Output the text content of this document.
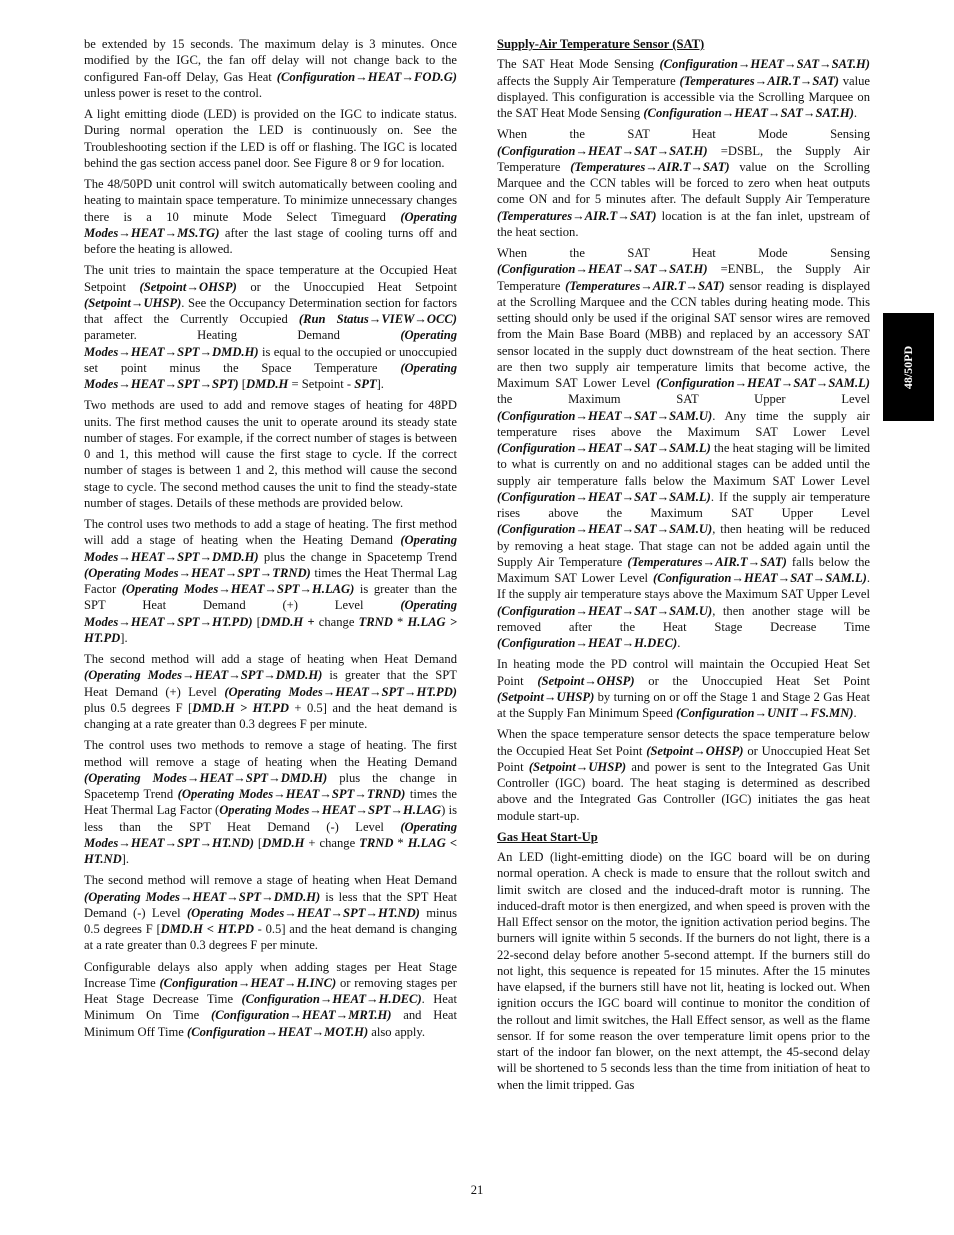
be extended by 15 seconds. The maximum delay is 3 minutes. Once modified by the IGC, the fan off delay will not change back to the configured Fan‑off Delay, Gas Heat (Configuration→HEAT→FOD.G) unless power is reset to the control.

A light emitting diode (LED) is provided on the IGC to indicate status. During normal operation the LED is continuously on. See the Troubleshooting section if the LED is off or flashing. The IGC is located behind the gas section access panel door. See Figure 8 or 9 for location.

The 48/50PD unit control will switch automatically between cooling and heating to maintain space temperature. To minimize unnecessary changes there is a 10 minute Mode Select Timeguard (Operating Modes→HEAT→MS.TG) after the last stage of cooling turns off and before the heating is allowed.

The unit tries to maintain the space temperature at the Occupied Heat Setpoint (Setpoint→OHSP) or the Unoccupied Heat Setpoint (Setpoint→UHSP). See the Occupancy Determination section for factors that affect the Currently Occupied (Run Status→VIEW→OCC) parameter. Heating Demand (Operating Modes→HEAT→SPT→DMD.H) is equal to the occupied or unoccupied set point minus the Space Temperature (Operating Modes→HEAT→SPT→SPT) [DMD.H = Setpoint ‑ SPT].

Two methods are used to add and remove stages of heating for 48PD units. The first method causes the unit to operate around its steady state number of stages. For example, if the correct number of stages is between 0 and 1, this method will cause the first stage to cycle. If the correct number of stages is between 1 and 2, this method will cause the second stage to cycle. The second method causes the unit to find the steady‑state number of stages. Details of these methods are provided below.

The control uses two methods to add a stage of heating. The first method will add a stage of heating when the Heating Demand (Operating Modes→HEAT→SPT→DMD.H) plus the change in Spacetemp Trend (Operating Modes→HEAT→SPT→TRND) times the Heat Thermal Lag Factor (Operating Modes→HEAT→SPT→H.LAG) is greater than the SPT Heat Demand (+) Level (Operating Modes→HEAT→SPT→HT.PD) [DMD.H + change TRND * H.LAG > HT.PD].

The second method will add a stage of heating when Heat Demand (Operating Modes→HEAT→SPT→DMD.H) is greater that the SPT Heat Demand (+) Level (Operating Modes→HEAT→SPT→HT.PD) plus 0.5 degrees F [DMD.H > HT.PD + 0.5] and the heat demand is changing at a rate greater than 0.3 degrees F per minute.

The control uses two methods to remove a stage of heating. The first method will remove a stage of heating when the Heating Demand (Operating Modes→HEAT→SPT→DMD.H) plus the change in Spacetemp Trend (Operating Modes→HEAT→SPT→TRND) times the Heat Thermal Lag Factor (Operating Modes→HEAT→SPT→H.LAG) is less than the SPT Heat Demand (‑) Level (Operating Modes→HEAT→SPT→HT.ND) [DMD.H + change TRND * H.LAG < HT.ND].

The second method will remove a stage of heating when Heat Demand (Operating Modes→HEAT→SPT→DMD.H) is less that the SPT Heat Demand (‑) Level (Operating Modes→HEAT→SPT→HT.ND) minus 0.5 degrees F [DMD.H < HT.PD ‑ 0.5] and the heat demand is changing at a rate greater than 0.3 degrees F per minute.

Configurable delays also apply when adding stages per Heat Stage Increase Time (Configuration→HEAT→H.INC) or removing stages per Heat Stage Decrease Time (Configuration→HEAT→H.DEC). Heat Minimum On Time (Configuration→HEAT→MRT.H) and Heat Minimum Off Time (Configuration→HEAT→MOT.H) also apply.

Supply‑Air Temperature Sensor (SAT)

The SAT Heat Mode Sensing (Configuration→HEAT→SAT→SAT.H) affects the Supply Air Temperature (Temperatures→AIR.T→SAT) value displayed. This configuration is accessible via the Scrolling Marquee on the SAT Heat Mode Sensing (Configuration→HEAT→SAT→SAT.H).

When the SAT Heat Mode Sensing (Configuration→HEAT→SAT→SAT.H) =DSBL, the Supply Air Temperature (Temperatures→AIR.T→SAT) value on the Scrolling Marquee and the CCN tables will be forced to zero when heat outputs come ON and for 5 minutes after. The default Supply Air Temperature (Temperatures→AIR.T→SAT) location is at the fan inlet, upstream of the heat section.

When the SAT Heat Mode Sensing (Configuration→HEAT→SAT→SAT.H) =ENBL, the Supply Air Temperature (Temperatures→AIR.T→SAT) sensor reading is displayed at the Scrolling Marquee and the CCN tables during heating mode. This setting should only be used if the original SAT sensor wires are removed from the Main Base Board (MBB) and replaced by an accessory SAT sensor located in the supply duct downstream of the heat section. There are then two supply air temperature limits that become active, the Maximum SAT Lower Level (Configuration→HEAT→SAT→SAM.L) the Maximum SAT Upper Level (Configuration→HEAT→SAT→SAM.U). Any time the supply air temperature rises above the Maximum SAT Lower Level (Configuration→HEAT→SAT→SAM.L) the heat staging will be limited to what is currently on and no additional stages can be added until the supply air temperature falls below the Maximum SAT Lower Level (Configuration→HEAT→SAT→SAM.L). If the supply air temperature rises above the Maximum SAT Upper Level (Configuration→HEAT→SAT→SAM.U), then heating will be reduced by removing a heat stage. That stage can not be added again until the Supply Air Temperature (Temperatures→AIR.T→SAT) falls below the Maximum SAT Lower Level (Configuration→HEAT→SAT→SAM.L). If the supply air temperature stays above the Maximum SAT Upper Level (Configuration→HEAT→SAT→SAM.U), then another stage will be removed after the Heat Stage Decrease Time (Configuration→HEAT→H.DEC).

In heating mode the PD control will maintain the Occupied Heat Set Point (Setpoint→OHSP) or the Unoccupied Heat Set Point (Setpoint→UHSP) by turning on or off the Stage 1 and Stage 2 Gas Heat at the Supply Fan Minimum Speed (Configuration→UNIT→FS.MN).

When the space temperature sensor detects the space temperature below the Occupied Heat Set Point (Setpoint→OHSP) or Unoccupied Heat Set Point (Setpoint→UHSP) and power is sent to the Integrated Gas Unit Controller (IGC) board. The heat staging is determined as described above and the Integrated Gas Controller (IGC) initiates the gas heat module start‑up.

Gas Heat Start‑Up

An LED (light‑emitting diode) on the IGC board will be on during normal operation. A check is made to ensure that the rollout switch and limit switch are closed and the induced‑draft motor is running. The induced‑draft motor is then energized, and when speed is proven with the Hall Effect sensor on the motor, the ignition activation period begins. The burners will ignite within 5 seconds. If the burners do not light, there is a 22‑second delay before another 5‑second attempt. If the burners still do not light, this sequence is repeated for 15 minutes. After the 15 minutes have elapsed, if the burners still have not lit, heating is locked out. When ignition occurs the IGC board will continue to monitor the condition of the rollout and limit switches, the Hall Effect sensor, as well as the flame sensor. If for some reason the over temperature limit opens prior to the start of the indoor fan blower, on the next attempt, the 45‑second delay will be shortened to 5 seconds less than the time from initiation of heat to when the limit tripped. Gas

48/50PD
21
